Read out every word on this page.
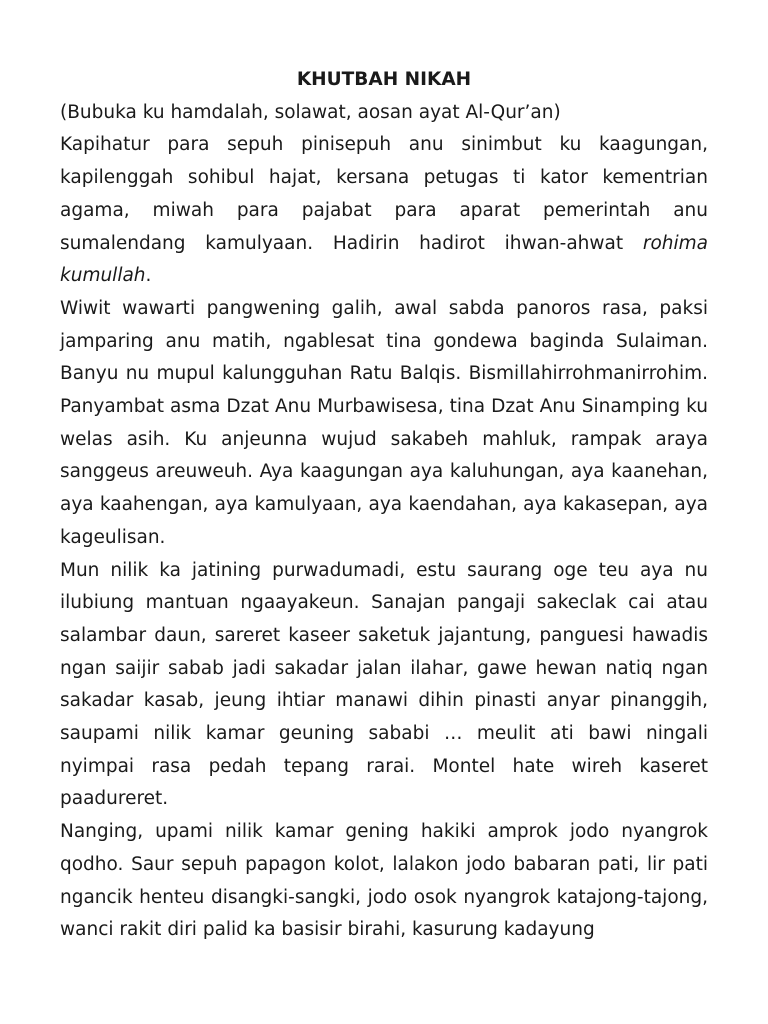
KHUTBAH NIKAH

(Bubuka ku hamdalah, solawat, aosan ayat Al-Qur’an)

Kapihatur para sepuh pinisepuh anu sinimbut ku kaagungan, kapilenggah sohibul hajat, kersana petugas ti kator kementrian agama, miwah para pajabat para aparat pemerintah anu sumalendang kamulyaan. Hadirin hadirot ihwan-ahwat rohima kumullah.

Wiwit wawarti pangwening galih, awal sabda panoros rasa, paksi jamparing anu matih, ngablesat tina gondewa baginda Sulaiman. Banyu nu mupul kalungguhan Ratu Balqis. Bismillahirrohmanirrohim. Panyambat asma Dzat Anu Murbawisesa, tina Dzat Anu Sinamping ku welas asih. Ku anjeunna wujud sakabeh mahluk, rampak araya sanggeus areuweuh. Aya kaagungan aya kaluhungan, aya kaanehan, aya kaahengan, aya kamulyaan, aya kaendahan, aya kakasepan, aya kageulisan.

Mun nilik ka jatining purwadumadi, estu saurang oge teu aya nu ilubiung mantuan ngaayakeun. Sanajan pangaji sakeclak cai atau salambar daun, sareret kaseer saketuk jajantung, panguesi hawadis ngan saijir sabab jadi sakadar jalan ilahar, gawe hewan natiq ngan sakadar kasab, jeung ihtiar manawi dihin pinasti anyar pinanggih, saupami nilik kamar geuning sababi … meulit ati bawi ningali nyimpai rasa pedah tepang rarai. Montel hate wireh kaseret paadureret.

Nanging, upami nilik kamar gening hakiki amprok jodo nyangrok qodho. Saur sepuh papagon kolot, lalakon jodo babaran pati, lir pati ngancik henteu disangki-sangki, jodo osok nyangrok katajong-tajong, wanci rakit diri palid ka basisir birahi, kasurung kadayung
